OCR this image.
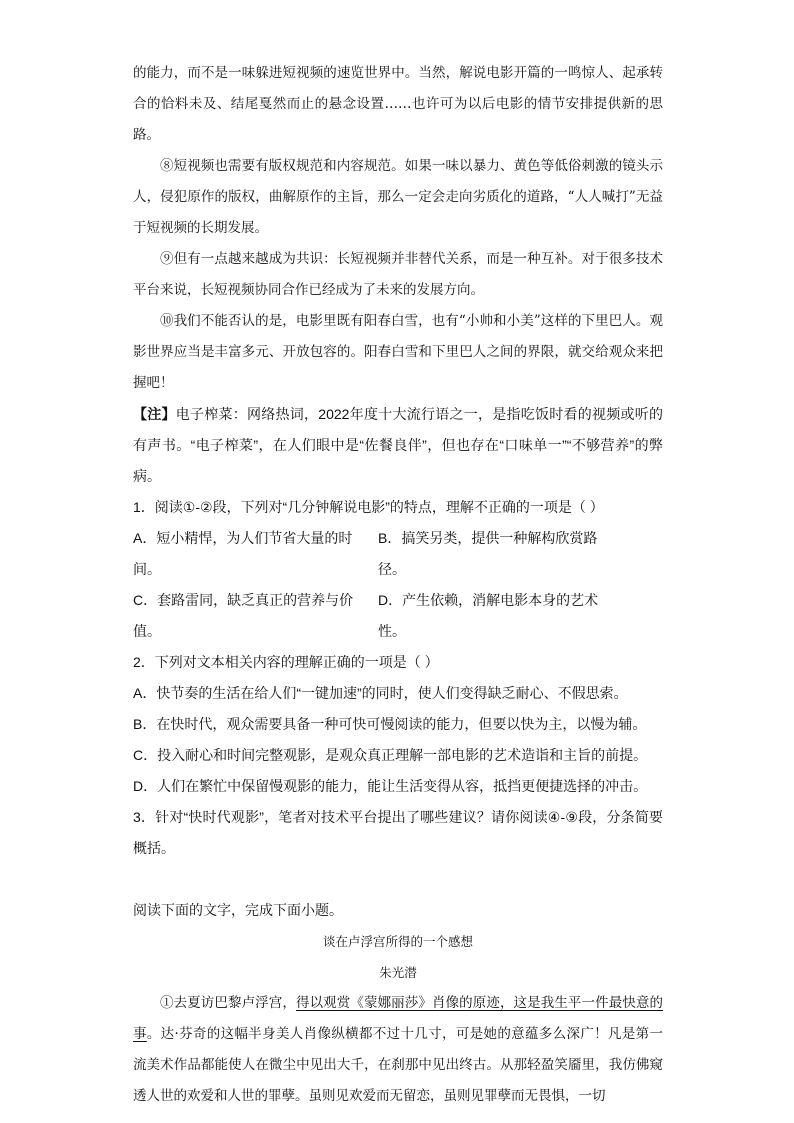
的能力，而不是一味躲进短视频的速览世界中。当然，解说电影开篇的一鸣惊人、起承转合的恰料未及、结尾戛然而止的悬念设置……也许可为以后电影的情节安排提供新的思路。

⑧短视频也需要有版权规范和内容规范。如果一味以暴力、黄色等低俗刺激的镜头示人，侵犯原作的版权，曲解原作的主旨，那么一定会走向劣质化的道路，“人人喊打”无益于短视频的长期发展。

⑨但有一点越来越成为共识：长短视频并非替代关系，而是一种互补。对于很多技术平台来说，长短视频协同合作已经成为了未来的发展方向。

⑩我们不能否认的是，电影里既有阳春白雪，也有“小帅和小美”这样的下里巴人。观影世界应当是丰富多元、开放包容的。阳春白雪和下里巴人之间的界限，就交给观众来把握吧！

【注】电子榨菜：网络热词，2022年度十大流行语之一，是指吃饭时看的视频或听的有声书。“电子榨菜”，在人们眼中是“佐餐良伴”，但也存在“口味单一”“不够营养”的弊病。

1．阅读①-②段，下列对“几分钟解说电影”的特点，理解不正确的一项是（ ）

A．短小精悍，为人们节省大量的时间。
B．搞笑另类，提供一种解构欣赏路径。
C．套路雷同，缺乏真正的营养与价值。
D．产生依赖，消解电影本身的艺术性。

2．下列对文本相关内容的理解正确的一项是（ ）

A．快节奏的生活在给人们“一键加速”的同时，使人们变得缺乏耐心、不假思索。

B．在快时代，观众需要具备一种可快可慢阅读的能力，但要以快为主，以慢为辅。

C．投入耐心和时间完整观影，是观众真正理解一部电影的艺术造诣和主旨的前提。

D．人们在繁忙中保留慢观影的能力，能让生活变得从容，抵挡更便捷选择的冲击。

3．针对“快时代观影”，笔者对技术平台提出了哪些建议？请你阅读④-⑨段，分条简要概括。

阅读下面的文字，完成下面小题。

谈在卢浮宫所得的一个感想
朱光潜

①去夏访巴黎卢浮宫，得以观赏《蒙娜丽莎》肖像的原迹，这是我生平一件最快意的事。达·芬奇的这幅半身美人肖像纵横都不过十几寸，可是她的意蕴多么深广！凡是第一流美术作品都能使人在微尘中见出大千，在刹那中见出终古。从那轻盈笑靥里，我仿佛窥透人世的欢爱和人世的罪孽。虽则见欢爱而无留恋，虽则见罪孽而无畏惧，一切
